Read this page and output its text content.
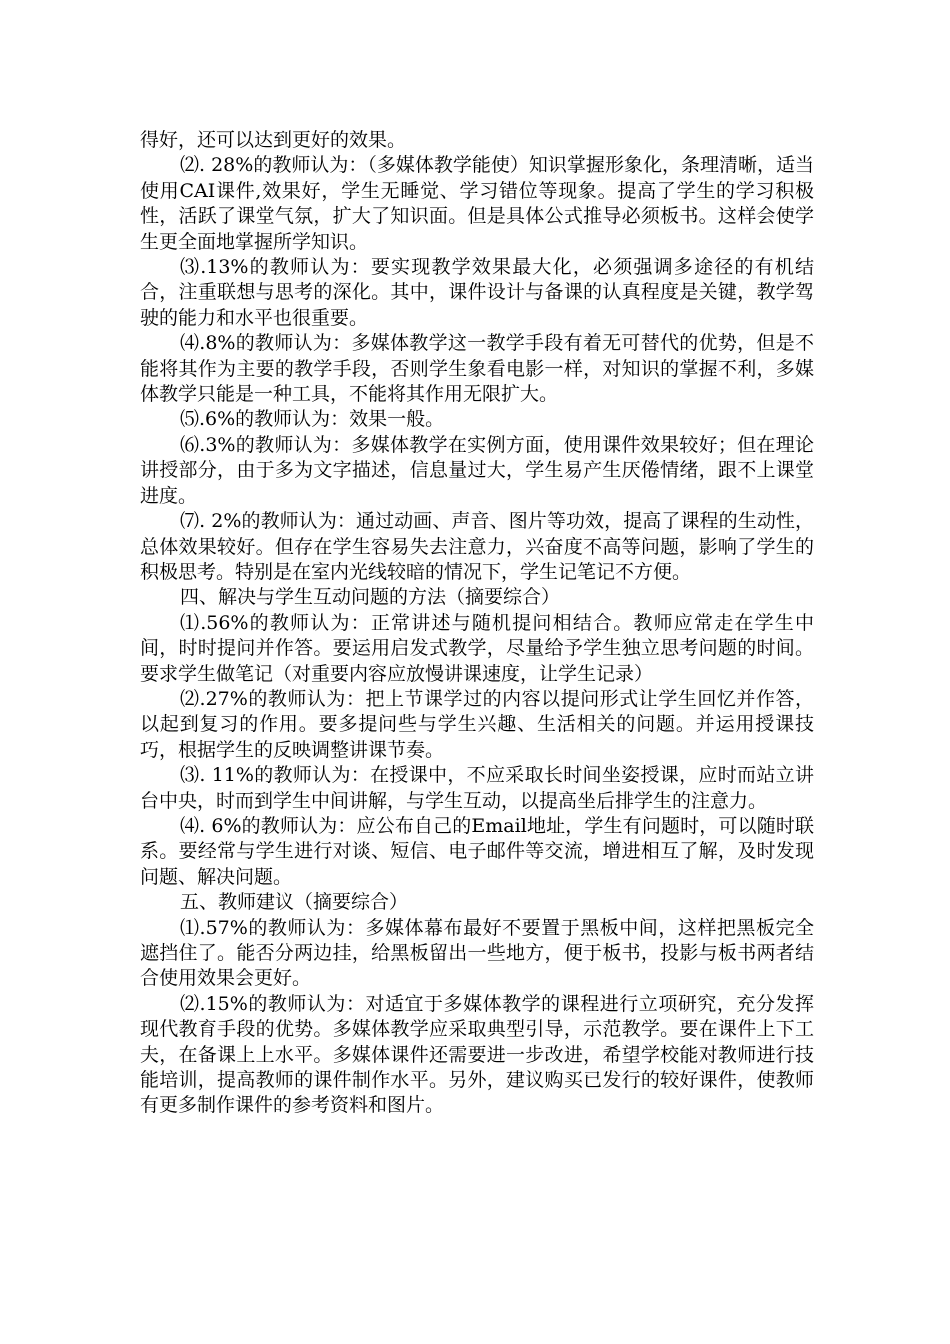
得好，还可以达到更好的效果。

⑵. 28%的教师认为：（多媒体教学能使）知识掌握形象化，条理清晰，适当使用CAI课件,效果好，学生无睡觉、学习错位等现象。提高了学生的学习积极性，活跃了课堂气氛，扩大了知识面。但是具体公式推导必须板书。这样会使学生更全面地掌握所学知识。

⑶.13%的教师认为：要实现教学效果最大化，必须强调多途径的有机结合，注重联想与思考的深化。其中，课件设计与备课的认真程度是关键，教学驾驶的能力和水平也很重要。

⑷.8%的教师认为：多媒体教学这一教学手段有着无可替代的优势，但是不能将其作为主要的教学手段，否则学生象看电影一样，对知识的掌握不利，多媒体教学只能是一种工具，不能将其作用无限扩大。

⑸.6%的教师认为：效果一般。

⑹.3%的教师认为：多媒体教学在实例方面，使用课件效果较好；但在理论讲授部分，由于多为文字描述，信息量过大，学生易产生厌倦情绪，跟不上课堂进度。

⑺. 2%的教师认为：通过动画、声音、图片等功效，提高了课程的生动性，总体效果较好。但存在学生容易失去注意力，兴奋度不高等问题，影响了学生的积极思考。特别是在室内光线较暗的情况下，学生记笔记不方便。

四、解决与学生互动问题的方法（摘要综合）

⑴.56%的教师认为：正常讲述与随机提问相结合。教师应常走在学生中间，时时提问并作答。要运用启发式教学，尽量给予学生独立思考问题的时间。要求学生做笔记（对重要内容应放慢讲课速度，让学生记录）

⑵.27%的教师认为：把上节课学过的内容以提问形式让学生回忆并作答，以起到复习的作用。要多提问些与学生兴趣、生活相关的问题。并运用授课技巧，根据学生的反映调整讲课节奏。

⑶. 11%的教师认为：在授课中，不应采取长时间坐姿授课，应时而站立讲台中央，时而到学生中间讲解，与学生互动，以提高坐后排学生的注意力。

⑷. 6%的教师认为：应公布自己的Email地址，学生有问题时，可以随时联系。要经常与学生进行对谈、短信、电子邮件等交流，增进相互了解，及时发现问题、解决问题。

五、教师建议（摘要综合）

⑴.57%的教师认为：多媒体幕布最好不要置于黑板中间，这样把黑板完全遮挡住了。能否分两边挂，给黑板留出一些地方，便于板书，投影与板书两者结合使用效果会更好。

⑵.15%的教师认为：对适宜于多媒体教学的课程进行立项研究，充分发挥现代教育手段的优势。多媒体教学应采取典型引导，示范教学。要在课件上下工夫，在备课上上水平。多媒体课件还需要进一步改进，希望学校能对教师进行技能培训，提高教师的课件制作水平。另外，建议购买已发行的较好课件，使教师有更多制作课件的参考资料和图片。
